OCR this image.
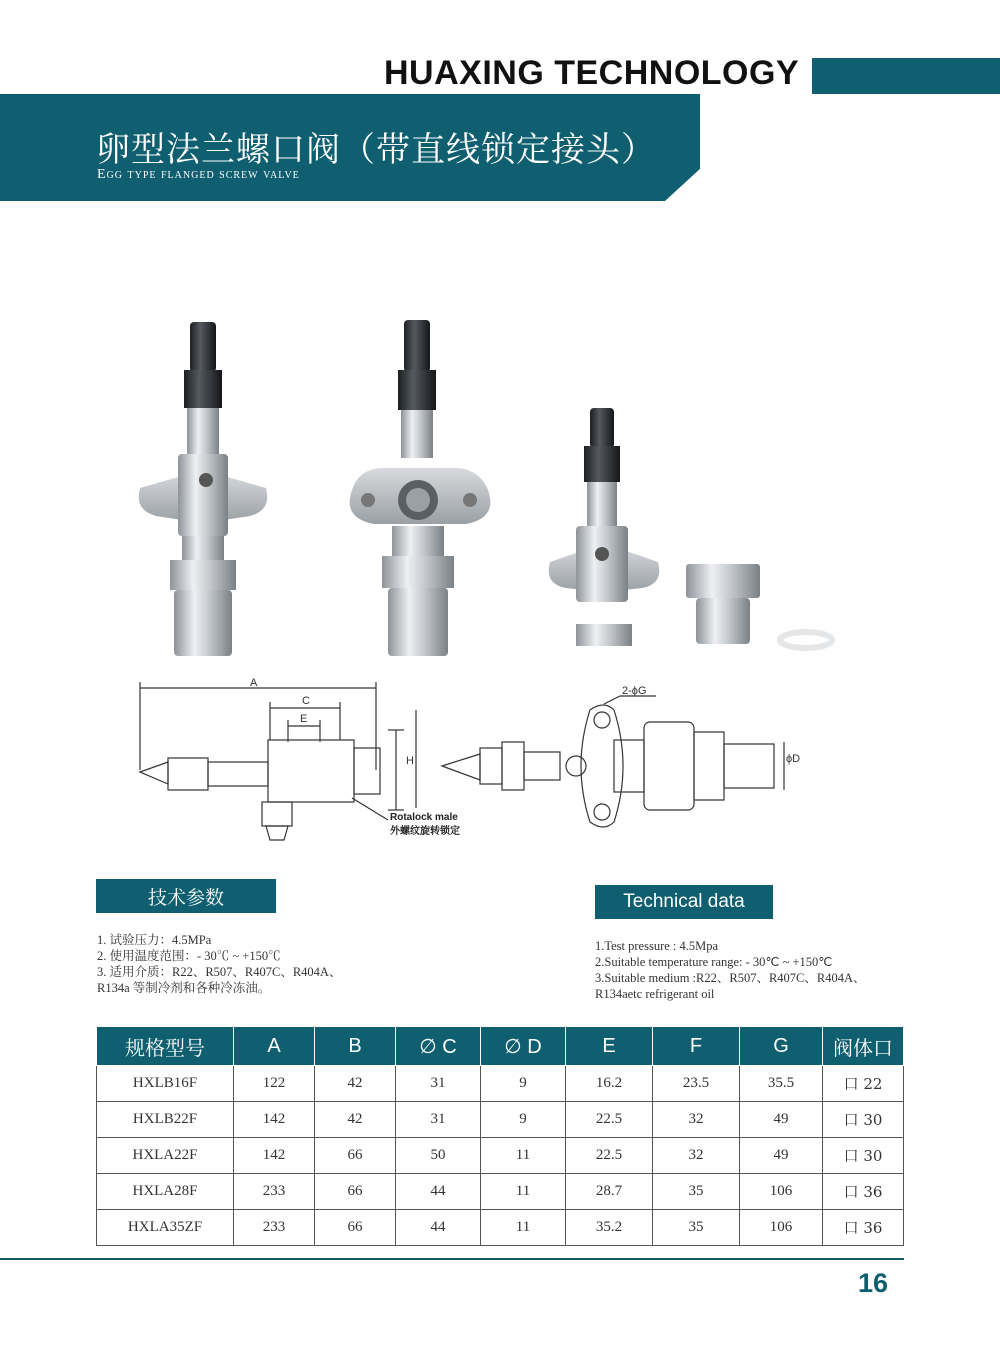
HUAXING TECHNOLOGY
卵型法兰螺口阀（带直线锁定接头）
Egg type flanged screw valve
A
C
E
H
2-ϕG
ϕD
Rotalock male
外螺纹旋转锁定
技术参数	Technical data
1. 试验压力：4.5MPa
2. 使用温度范围：- 30℃ ~ +150℃
3. 适用介质：R22、R507、R407C、R404A、
R134a 等制冷剂和各种冷冻油。
1.Test pressure : 4.5Mpa
2.Suitable temperature range: - 30℃ ~ +150℃
3.Suitable medium :R22、R507、R407C、R404A、
R134aetc refrigerant oil
规格型号	A	B	∅ C	∅ D	E	F	G	阀体口
HXLB16F	122	42	31	9	16.2	23.5	35.5	口 22
HXLB22F	142	42	31	9	22.5	32	49	口 30
HXLA22F	142	66	50	11	22.5	32	49	口 30
HXLA28F	233	66	44	11	28.7	35	106	口 36
HXLA35ZF	233	66	44	11	35.2	35	106	口 36
16
